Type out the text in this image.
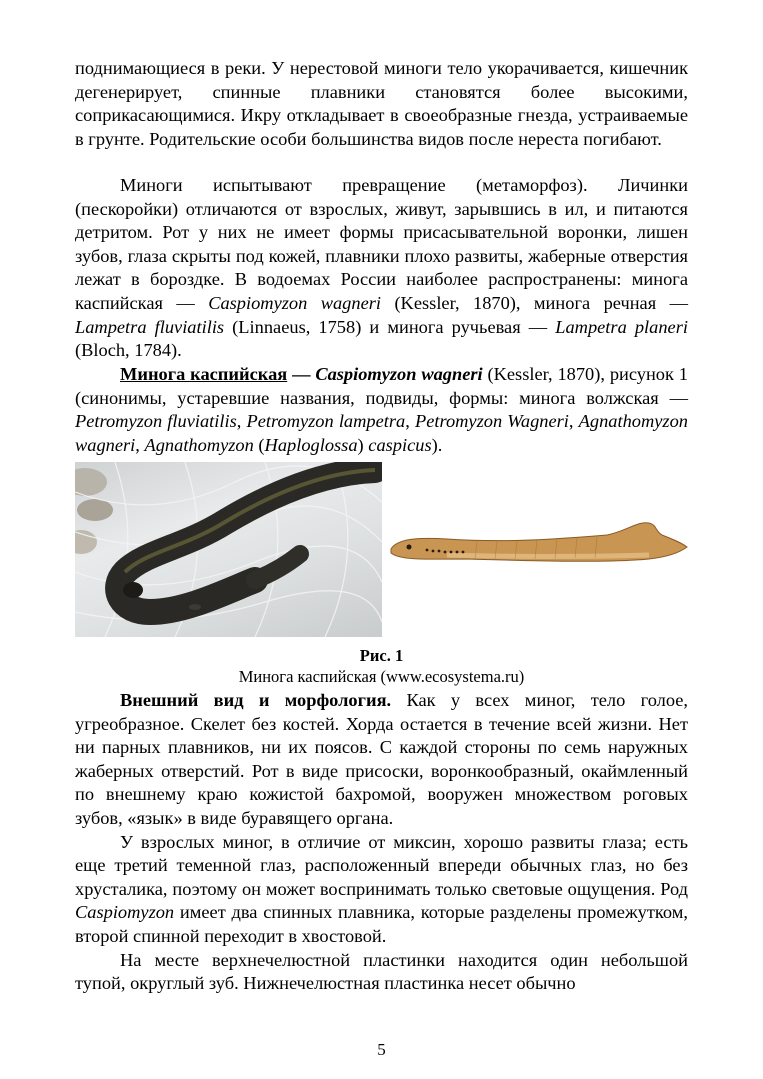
поднимающиеся в реки. У нерестовой миноги тело укорачивается, кишечник дегенерирует, спинные плавники становятся более высокими, соприкасающимися. Икру откладывает в своеобразные гнезда, устраиваемые в грунте. Родительские особи большинства видов после нереста погибают.

Миноги испытывают превращение (метаморфоз). Личинки (пескоройки) отличаются от взрослых, живут, зарывшись в ил, и питаются детритом. Рот у них не имеет формы присасывательной воронки, лишен зубов, глаза скрыты под кожей, плавники плохо развиты, жаберные отверстия лежат в бороздке. В водоемах России наиболее распространены: минога каспийская — Caspiomyzon wagneri (Kessler, 1870), минога речная — Lampetra fluviatilis (Linnaeus, 1758) и минога ручьевая — Lampetra planeri (Bloch, 1784).

Минога каспийская — Caspiomyzon wagneri (Kessler, 1870), рисунок 1 (синонимы, устаревшие названия, подвиды, формы: минога волжская — Petromyzon fluviatilis, Petromyzon lampetra, Petromyzon Wagneri, Agnathomyzon wagneri, Agnathomyzon (Haploglossa) caspicus).

Рис. 1
Минога каспийская (www.ecosystema.ru)

Внешний вид и морфология. Как у всех миног, тело голое, угреобразное. Скелет без костей. Хорда остается в течение всей жизни. Нет ни парных плавников, ни их поясов. С каждой стороны по семь наружных жаберных отверстий. Рот в виде присоски, воронкообразный, окаймленный по внешнему краю кожистой бахромой, вооружен множеством роговых зубов, «язык» в виде буравящего органа.

У взрослых миног, в отличие от миксин, хорошо развиты глаза; есть еще третий теменной глаз, расположенный впереди обычных глаз, но без хрусталика, поэтому он может воспринимать только световые ощущения. Род Caspiomyzon имеет два спинных плавника, которые разделены промежутком, второй спинной переходит в хвостовой.

На месте верхнечелюстной пластинки находится один небольшой тупой, округлый зуб. Нижнечелюстная пластинка несет обычно

5
